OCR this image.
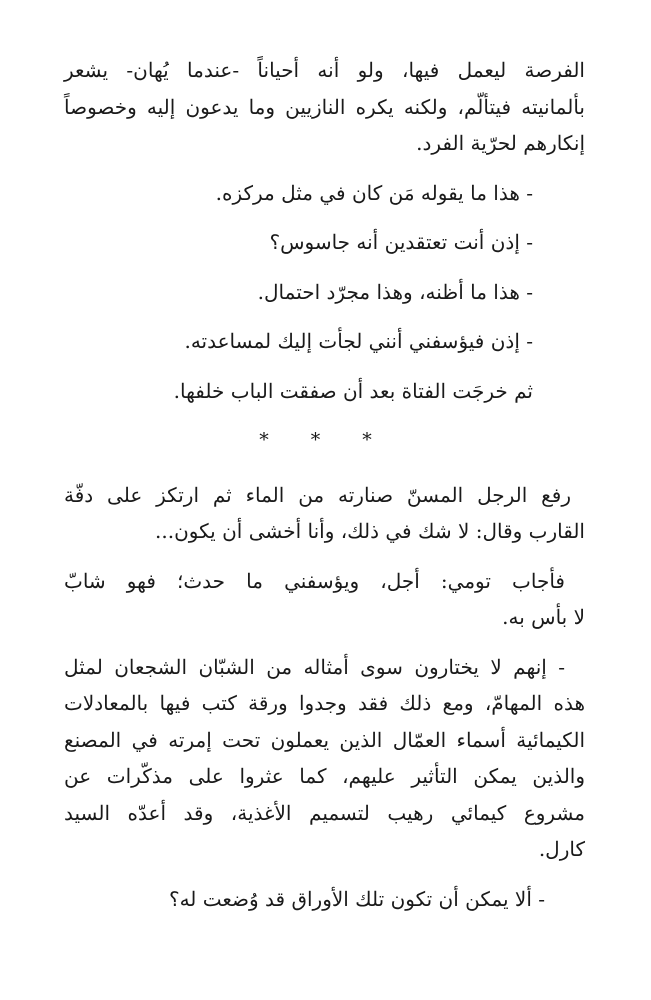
الفرصة ليعمل فيها، ولو أنه أحياناً -عندما يُهان- يشعر
بألمانيته فيتألّم، ولكنه يكره النازيين وما يدعون إليه وخصوصاً
إنكارهم لحرّية الفرد.
- هذا ما يقوله مَن كان في مثل مركزه.
- إذن أنت تعتقدين أنه جاسوس؟
- هذا ما أظنه، وهذا مجرّد احتمال.
- إذن فيؤسفني أنني لجأت إليك لمساعدته.
ثم خرجَت الفتاة بعد أن صفقت الباب خلفها.
* * *
رفع الرجل المسنّ صنارته من الماء ثم ارتكز على دفّة
القارب وقال: لا شك في ذلك، وأنا أخشى أن يكون...
فأجاب تومي: أجل، ويؤسفني ما حدث؛ فهو شابّ
لا بأس به.
- إنهم لا يختارون سوى أمثاله من الشبّان الشجعان لمثل
هذه المهامّ، ومع ذلك فقد وجدوا ورقة كتب فيها بالمعادلات
الكيمائية أسماء العمّال الذين يعملون تحت إمرته في المصنع
والذين يمكن التأثير عليهم، كما عثروا على مذكّرات عن
مشروع كيمائي رهيب لتسميم الأغذية، وقد أعدّه السيد
كارل.
- ألا يمكن أن تكون تلك الأوراق قد وُضعت له؟
